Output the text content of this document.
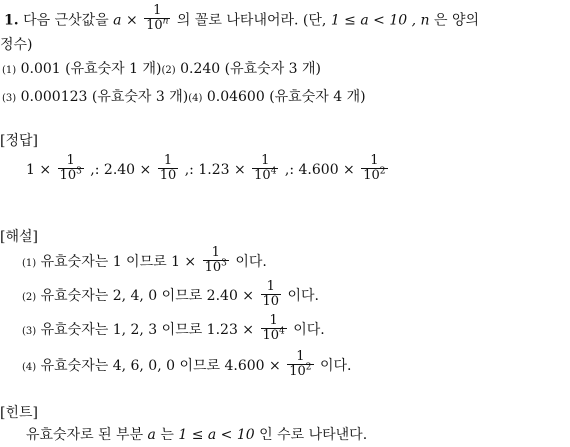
1. 다음 근삿값을 $a \times \frac{1}{10^n}$ 의 꼴로 나타내어라. (단, 1 ≤ a < 10 , n 은 양의
정수)
(1) 0.001 (유효숫자 1 개)(2) 0.240 (유효숫자 3 개)
(3) 0.000123 (유효숫자 3 개)(4) 0.04600 (유효숫자 4 개)
[정답]
$1 \times \frac{1}{10^3}$ ,: $2.40 \times \frac{1}{10}$ ,: $1.23 \times \frac{1}{10^4}$ ,: $4.600 \times \frac{1}{10^2}$
[해설]
(1) 유효숫자는 1 이므로 $1 \times \frac{1}{10^3}$ 이다.
(2) 유효숫자는 2, 4, 0 이므로 $2.40 \times \frac{1}{10}$ 이다.
(3) 유효숫자는 1, 2, 3 이므로 $1.23 \times \frac{1}{10^4}$ 이다.
(4) 유효숫자는 4, 6, 0, 0 이므로 $4.600 \times \frac{1}{10^2}$ 이다.
[힌트]
유효숫자로 된 부분 a 는 1 ≤ a < 10 인 수로 나타낸다.
